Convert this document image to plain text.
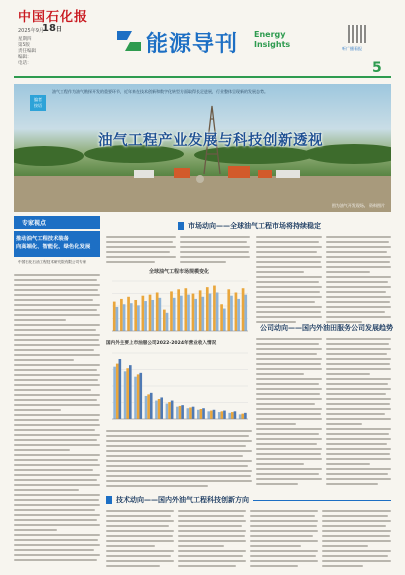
中国石化报
2025年9月
18日
星期四
第5版
责任编辑
编辑：
电话：
能源导刊 Energy
Insights	听广播看报
5
编者
按语
油气工程作为油气勘探开发的重要环节，近年来在技术创新和数字化转型方面取得长足进展，行业整体呈现新的发展态势。
油气工程产业发展与科技创新透视
图为油气开发现场。 资料图片
专家视点
推动油气工程技术装备
向高端化、智能化、绿色化发展
中国石化石油工程技术研究院有限公司专家
市场动向——全球油气工程市场将持续稳定
全球油气工程市场规模变化
国内外主要上市油服公司2022-2024年营业收入情况
公司动向——国内外油田服务公司发展趋势
技术动向——国内外油气工程科技创新方向
